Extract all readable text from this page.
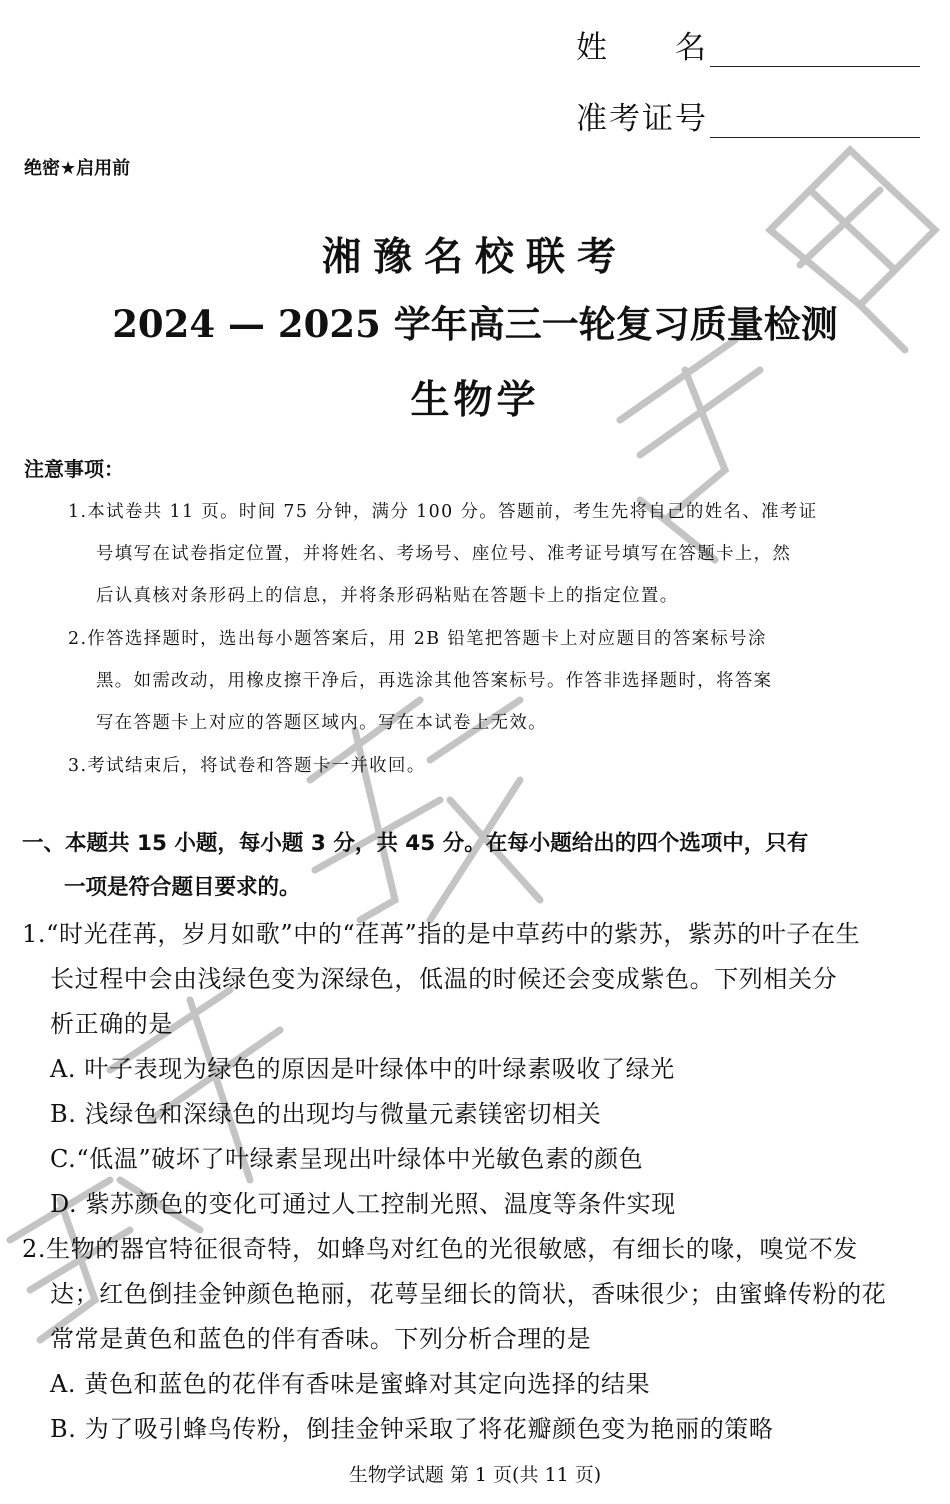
姓　　名
准考证号
绝密★启用前
湘豫名校联考
2024 — 2025 学年高三一轮复习质量检测
生物学
注意事项：
1.本试卷共 11 页。时间 75 分钟，满分 100 分。答题前，考生先将自己的姓名、准考证
号填写在试卷指定位置，并将姓名、考场号、座位号、准考证号填写在答题卡上，然
后认真核对条形码上的信息，并将条形码粘贴在答题卡上的指定位置。
2.作答选择题时，选出每小题答案后，用 2B 铅笔把答题卡上对应题目的答案标号涂
黑。如需改动，用橡皮擦干净后，再选涂其他答案标号。作答非选择题时，将答案
写在答题卡上对应的答题区域内。写在本试卷上无效。
3.考试结束后，将试卷和答题卡一并收回。
一、本题共 15 小题，每小题 3 分，共 45 分。在每小题给出的四个选项中，只有
一项是符合题目要求的。
1.“时光荏苒，岁月如歌”中的“荏苒”指的是中草药中的紫苏，紫苏的叶子在生
长过程中会由浅绿色变为深绿色，低温的时候还会变成紫色。下列相关分
析正确的是
A. 叶子表现为绿色的原因是叶绿体中的叶绿素吸收了绿光
B. 浅绿色和深绿色的出现均与微量元素镁密切相关
C.“低温”破坏了叶绿素呈现出叶绿体中光敏色素的颜色
D. 紫苏颜色的变化可通过人工控制光照、温度等条件实现
2.生物的器官特征很奇特，如蜂鸟对红色的光很敏感，有细长的喙，嗅觉不发
达；红色倒挂金钟颜色艳丽，花萼呈细长的筒状，香味很少；由蜜蜂传粉的花
常常是黄色和蓝色的伴有香味。下列分析合理的是
A. 黄色和蓝色的花伴有香味是蜜蜂对其定向选择的结果
B. 为了吸引蜂鸟传粉，倒挂金钟采取了将花瓣颜色变为艳丽的策略
生物学试题 第 1 页(共 11 页)
